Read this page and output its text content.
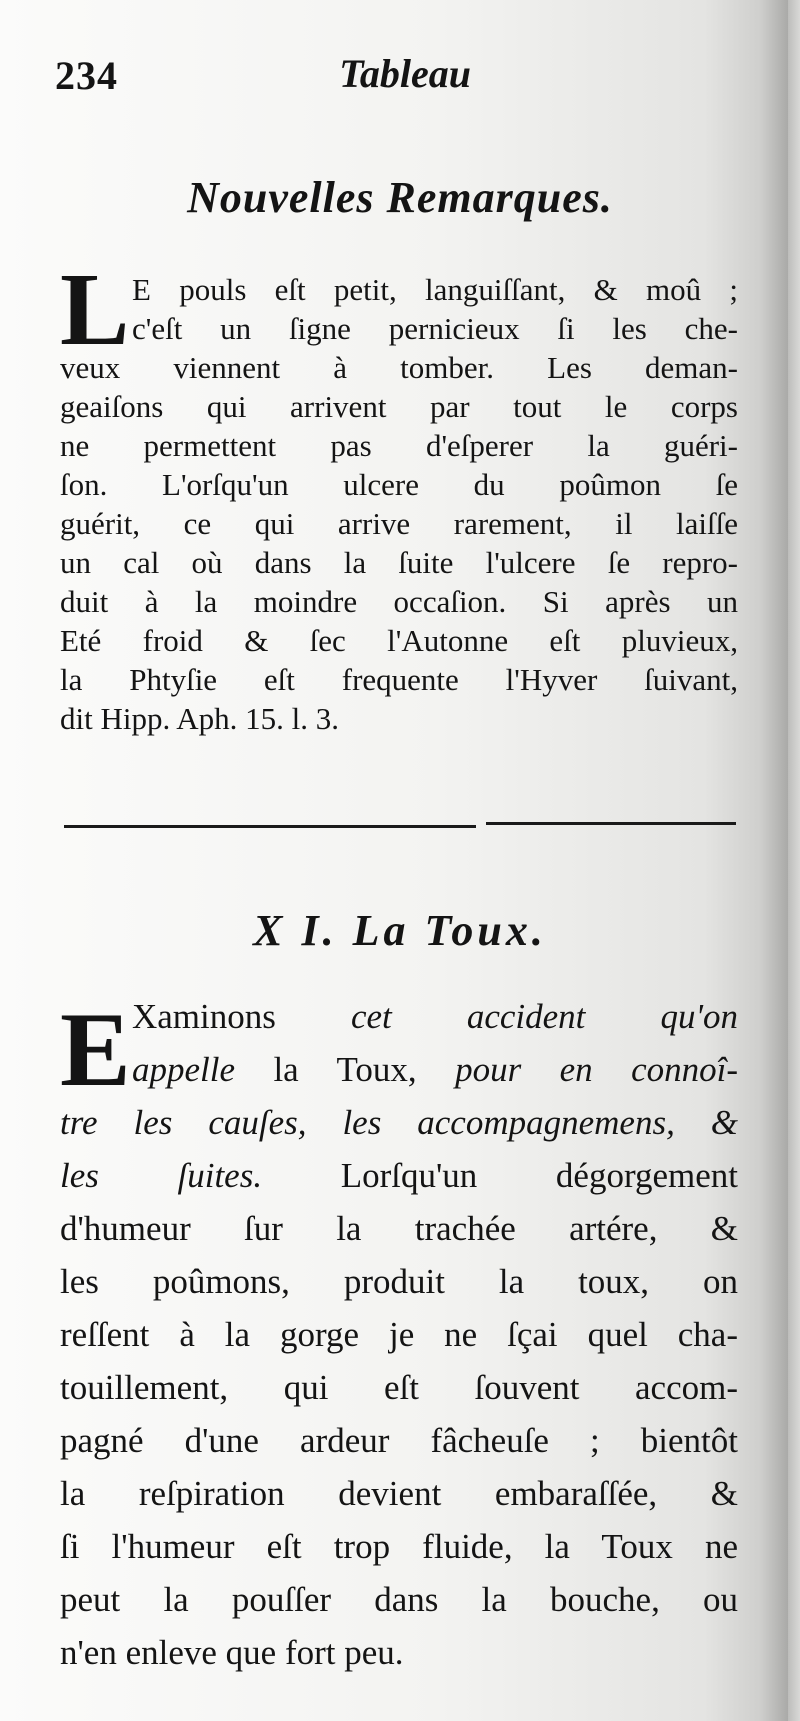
234	Tableau
Nouvelles Remarques.
L E pouls eſt petit, languiſſant, & moû ;
c'eſt un ſigne pernicieux ſi les che-
veux viennent à tomber. Les deman-
geaiſons qui arrivent par tout le corps
ne permettent pas d'eſperer la guéri-
ſon. L'orſqu'un ulcere du poûmon ſe
guérit, ce qui arrive rarement, il laiſſe
un cal où dans la ſuite l'ulcere ſe repro-
duit à la moindre occaſion. Si après un
Eté froid & ſec l'Autonne eſt pluvieux,
la Phtyſie eſt frequente l'Hyver ſuivant,
dit Hipp. Aph. 15. l. 3.
X I. La Toux.
E Xaminons cet accident qu'on
appelle la Toux, pour en connoî-
tre les cauſes, les accompagnemens, &
les ſuites. Lorſqu'un dégorgement
d'humeur ſur la trachée artére, &
les poûmons, produit la toux, on
reſſent à la gorge je ne ſçai quel cha-
touillement, qui eſt ſouvent accom-
pagné d'une ardeur fâcheuſe ; bientôt
la reſpiration devient embaraſſée, &
ſi l'humeur eſt trop fluide, la Toux ne
peut la pouſſer dans la bouche, ou
n'en enleve que fort peu.
